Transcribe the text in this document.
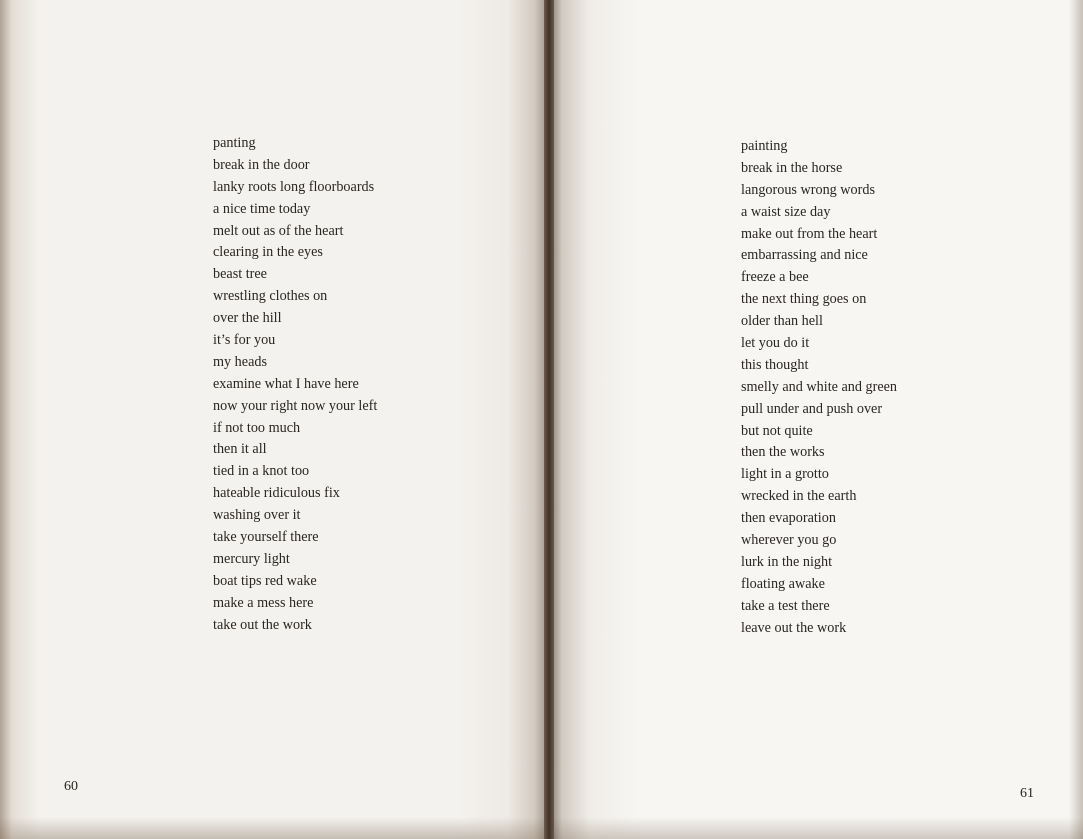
panting
break in the door
lanky roots long floorboards
a nice time today
melt out as of the heart
clearing in the eyes
beast tree
wrestling clothes on
over the hill
it’s for you
my heads
examine what I have here
now your right now your left
if not too much
then it all
tied in a knot too
hateable ridiculous fix
washing over it
take yourself there
mercury light
boat tips red wake
make a mess here
take out the work
60
painting
break in the horse
langorous wrong words
a waist size day
make out from the heart
embarrassing and nice
freeze a bee
the next thing goes on
older than hell
let you do it
this thought
smelly and white and green
pull under and push over
but not quite
then the works
light in a grotto
wrecked in the earth
then evaporation
wherever you go
lurk in the night
floating awake
take a test there
leave out the work
61
